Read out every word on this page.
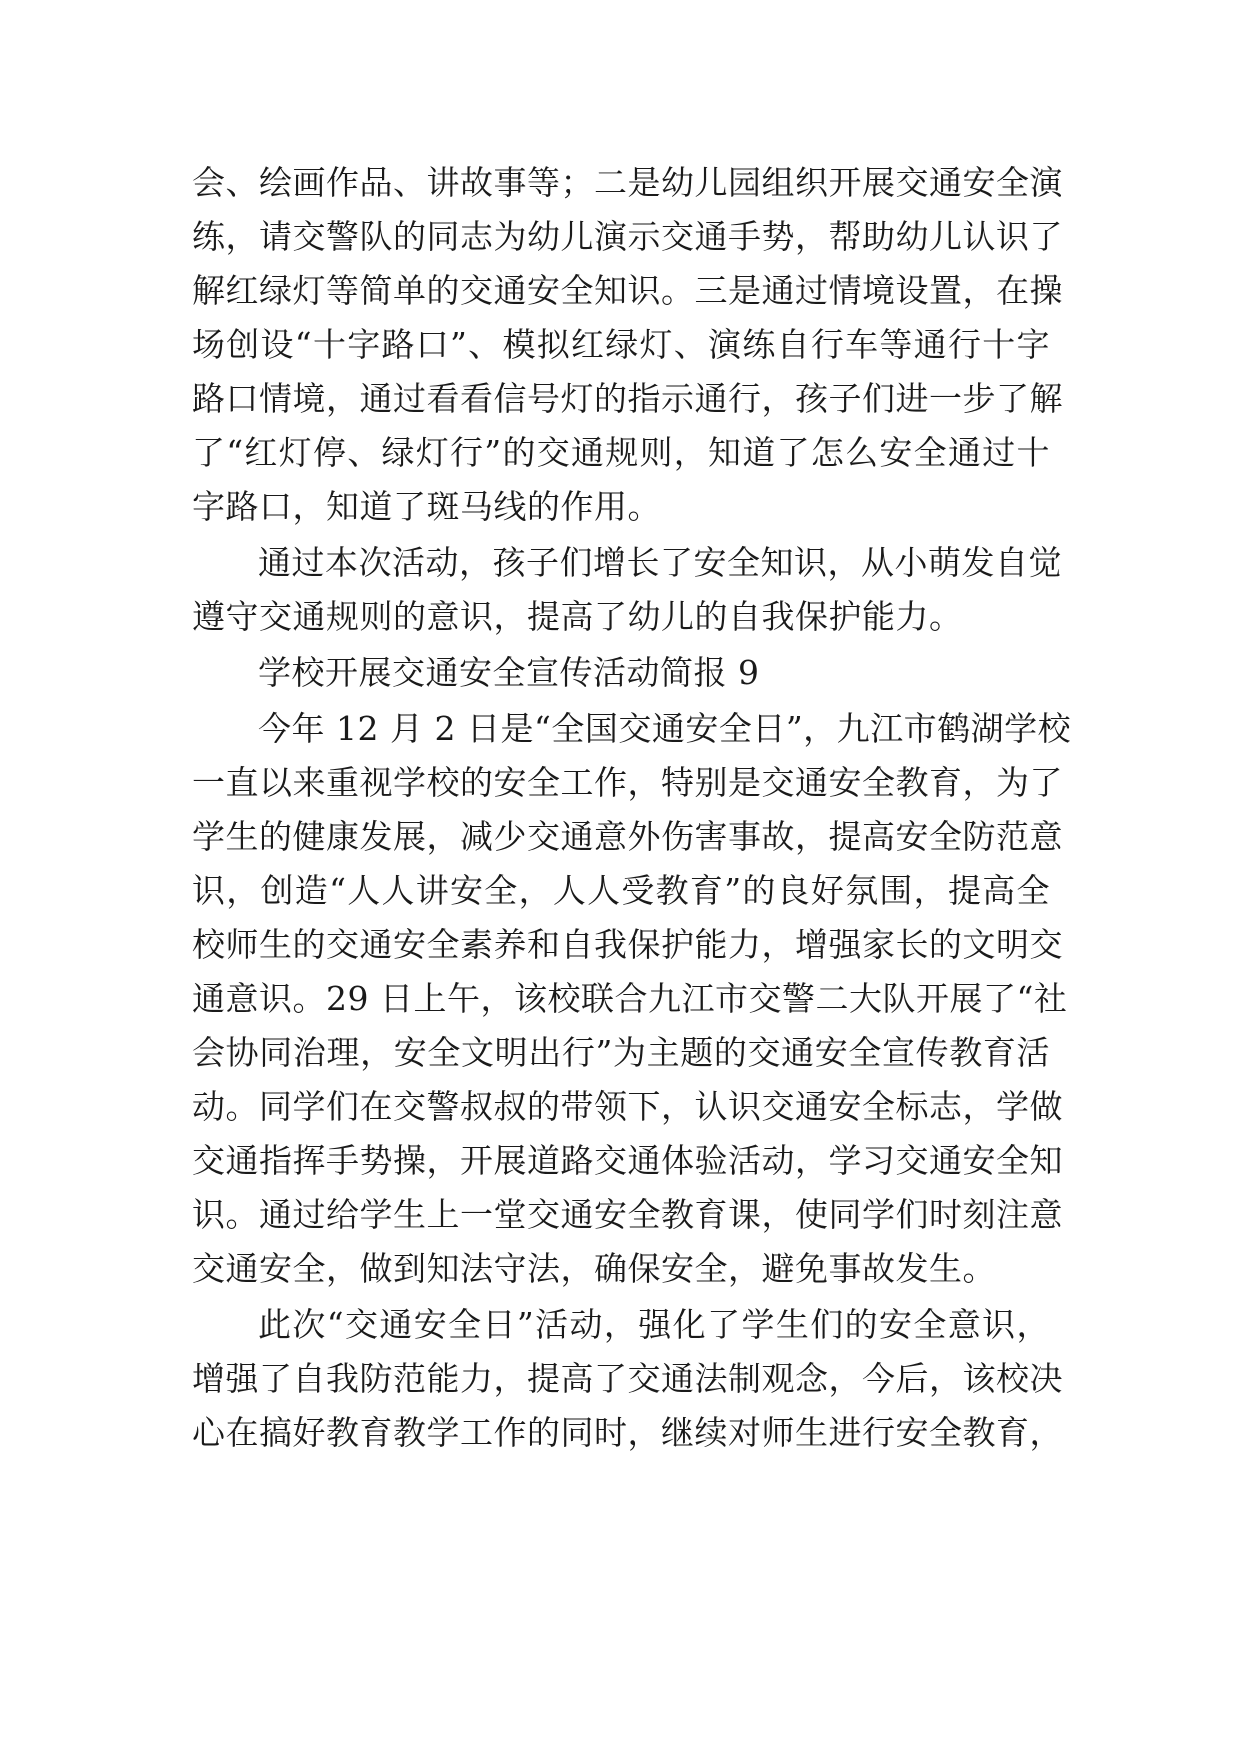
会、绘画作品、讲故事等；二是幼儿园组织开展交通安全演
练，请交警队的同志为幼儿演示交通手势，帮助幼儿认识了
解红绿灯等简单的交通安全知识。三是通过情境设置，在操
场创设“十字路口”、模拟红绿灯、演练自行车等通行十字
路口情境，通过看看信号灯的指示通行，孩子们进一步了解
了“红灯停、绿灯行”的交通规则，知道了怎么安全通过十
字路口，知道了斑马线的作用。
通过本次活动，孩子们增长了安全知识，从小萌发自觉
遵守交通规则的意识，提高了幼儿的自我保护能力。
学校开展交通安全宣传活动简报 9
今年 12 月 2 日是“全国交通安全日”，九江市鹤湖学校
一直以来重视学校的安全工作，特别是交通安全教育，为了
学生的健康发展，减少交通意外伤害事故，提高安全防范意
识，创造“人人讲安全，人人受教育”的良好氛围，提高全
校师生的交通安全素养和自我保护能力，增强家长的文明交
通意识。29 日上午，该校联合九江市交警二大队开展了“社
会协同治理，安全文明出行”为主题的交通安全宣传教育活
动。同学们在交警叔叔的带领下，认识交通安全标志，学做
交通指挥手势操，开展道路交通体验活动，学习交通安全知
识。通过给学生上一堂交通安全教育课，使同学们时刻注意
交通安全，做到知法守法，确保安全，避免事故发生。
此次“交通安全日”活动，强化了学生们的安全意识，
增强了自我防范能力，提高了交通法制观念，今后，该校决
心在搞好教育教学工作的同时，继续对师生进行安全教育，
